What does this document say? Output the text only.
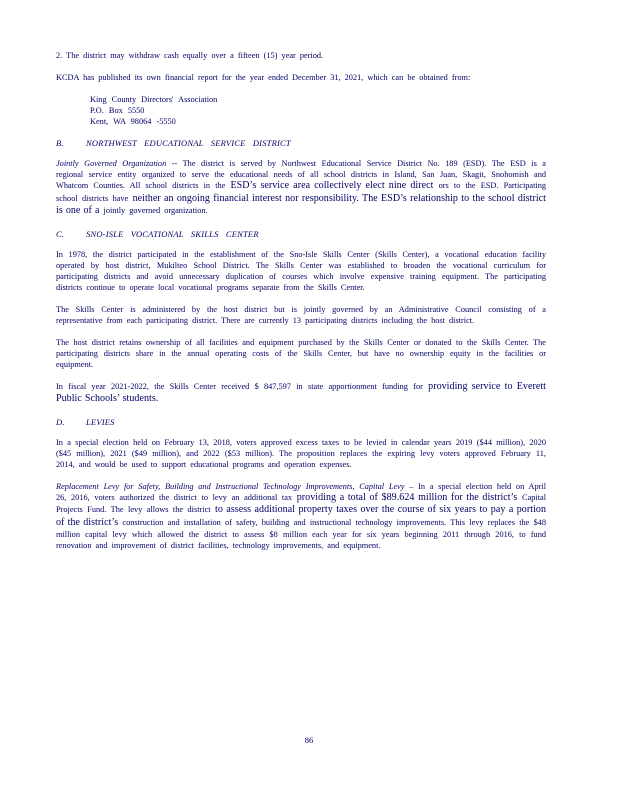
2. The district may withdraw cash equally over a fifteen (15) year period.

KCDA has published its own financial report for the year ended December 31, 2021, which can be obtained from:

King County Directors' Association

P.O. Box 5550

Kent, WA 98064 -5550

B.	NORTHWEST EDUCATIONAL SERVICE DISTRICT

Jointly Governed Organization -- The district is served by Northwest Educational Service District No. 189 (ESD). The ESD is a regional service entity organized to serve the educational needs of all school districts in Island, San Juan, Skagit, Snohomish and Whatcom Counties. All school districts in the ESD’s service area collectively elect nine direct ors to the ESD. Participating school districts have neither an ongoing financial interest nor responsibility. The ESD’s relationship to the school district is one of a jointly governed organization.

C.	SNO-ISLE VOCATIONAL SKILLS CENTER

In 1978, the district participated in the establishment of the Sno-Isle Skills Center (Skills Center), a vocational education facility operated by host district, Mukilteo School District. The Skills Center was established to broaden the vocational curriculum for participating districts and avoid unnecessary duplication of courses which involve expensive training equipment. The participating districts continue to operate local vocational programs separate from the Skills Center.

The Skills Center is administered by the host district but is jointly governed by an Administrative Council consisting of a representative from each participating district. There are currently 13 participating districts including the host district.

The host district retains ownership of all facilities and equipment purchased by the Skills Center or donated to the Skills Center. The participating districts share in the annual operating costs of the Skills Center, but have no ownership equity in the facilities or equipment.

In fiscal year 2021-2022, the Skills Center received $ 847,597 in state apportionment funding for providing service to Everett Public Schools’ students.

D.	LEVIES

In a special election held on February 13, 2018, voters approved excess taxes to be levied in calendar years 2019 ($44 million), 2020 ($45 million), 2021 ($49 million), and 2022 ($53 million). The proposition replaces the expiring levy voters approved February 11, 2014, and would be used to support educational programs and operation expenses.

Replacement Levy for Safety, Building and Instructional Technology Improvements, Capital Levy – In a special election held on April 26, 2016, voters authorized the district to levy an additional tax providing a total of $89.624 million for the district’s Capital Projects Fund. The levy allows the district to assess additional property taxes over the course of six years to pay a portion of the district’s construction and installation of safety, building and instructional technology improvements. This levy replaces the $48 million capital levy which allowed the district to assess $8 million each year for six years beginning 2011 through 2016, to fund renovation and improvement of district facilities, technology improvements, and equipment.

86
